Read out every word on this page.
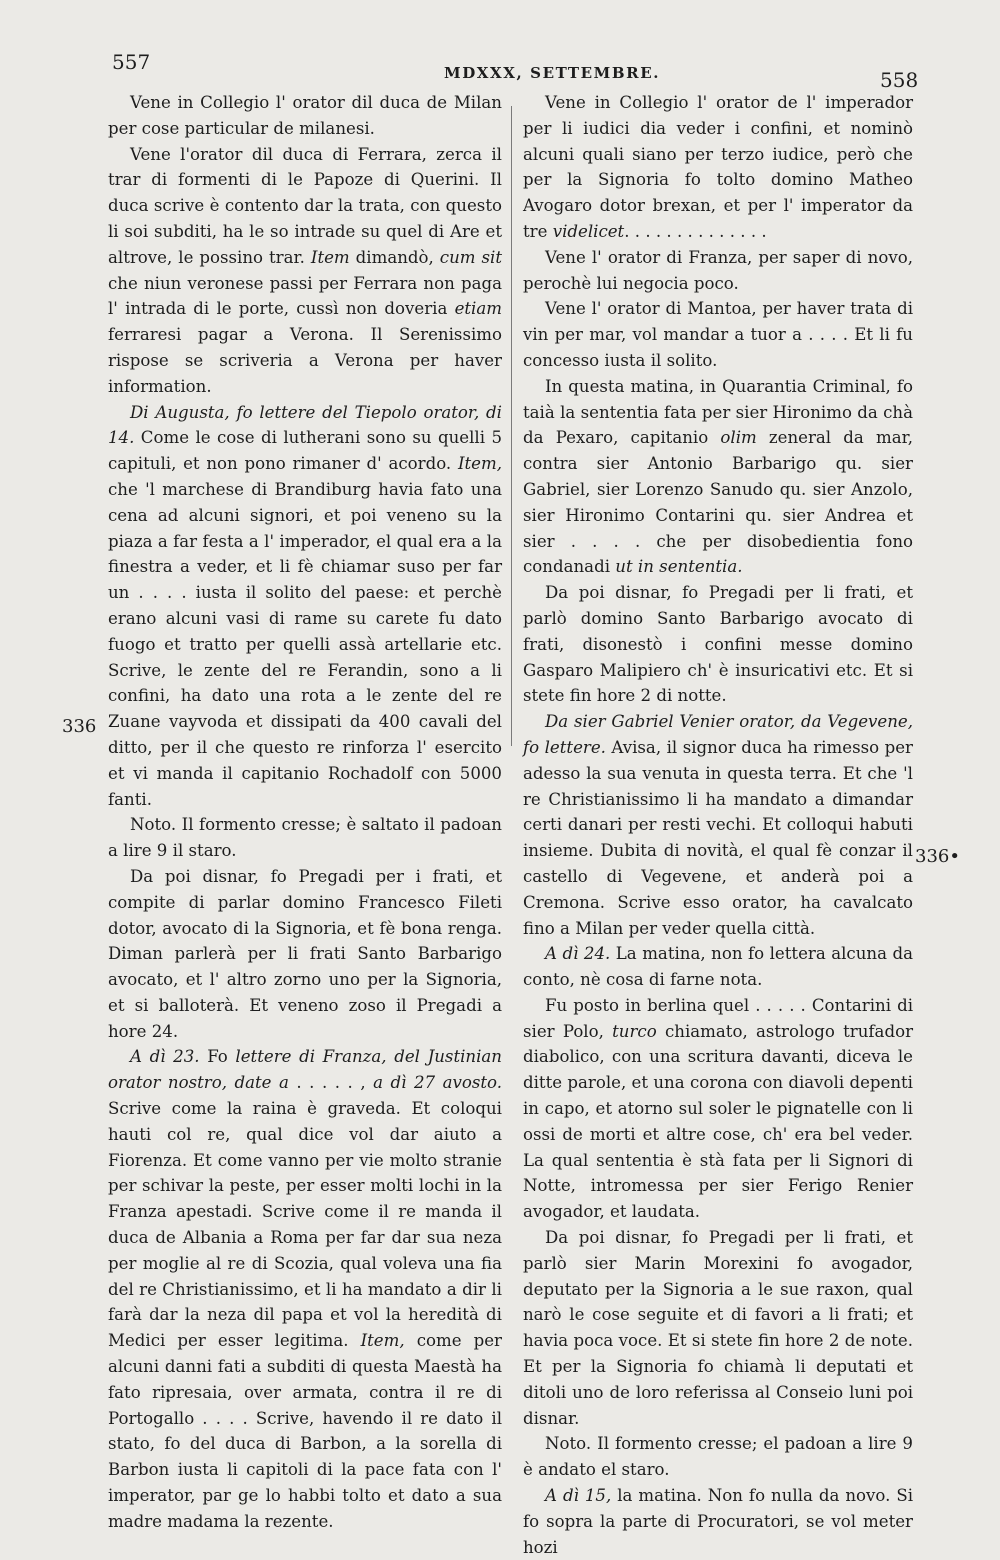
557	MDXXX, SETTEMBRE.	558
336
336•

Vene in Collegio l' orator dil duca de Milan per cose particular de milanesi.

Vene l'orator dil duca di Ferrara, zerca il trar di formenti di le Papoze di Querini. Il duca scrive è contento dar la trata, con questo li soi subditi, ha le so intrade su quel di Are et altrove, le possino trar. Item dimandò, cum sit che niun veronese passi per Ferrara non paga l' intrada di le porte, cussì non doveria etiam ferraresi pagar a Verona. Il Serenissimo rispose se scriveria a Verona per haver information.

Di Augusta, fo lettere del Tiepolo orator, di 14. Come le cose di lutherani sono su quelli 5 capituli, et non pono rimaner d' acordo. Item, che 'l marchese di Brandiburg havia fato una cena ad alcuni signori, et poi veneno su la piaza a far festa a l' imperador, el qual era a la finestra a veder, et li fè chiamar suso per far un . . . . iusta il solito del paese: et perchè erano alcuni vasi di rame su carete fu dato fuogo et tratto per quelli assà artellarie etc. Scrive, le zente del re Ferandin, sono a li confini, ha dato una rota a le zente del re Zuane vayvoda et dissipati da 400 cavali del ditto, per il che questo re rinforza l' esercito et vi manda il capitanio Rochadolf con 5000 fanti.

Noto. Il formento cresse; è saltato il padoan a lire 9 il staro.

Da poi disnar, fo Pregadi per i frati, et compite di parlar domino Francesco Fileti dotor, avocato di la Signoria, et fè bona renga. Diman parlerà per li frati Santo Barbarigo avocato, et l' altro zorno uno per la Signoria, et si balloterà. Et veneno zoso il Pregadi a hore 24.

A dì 23. Fo lettere di Franza, del Justinian orator nostro, date a . . . . . , a dì 27 avosto. Scrive come la raina è graveda. Et coloqui hauti col re, qual dice vol dar aiuto a Fiorenza. Et come vanno per vie molto stranie per schivar la peste, per esser molti lochi in la Franza apestadi. Scrive come il re manda il duca de Albania a Roma per far dar sua neza per moglie al re di Scozia, qual voleva una fia del re Christianissimo, et li ha mandato a dir li farà dar la neza dil papa et vol la heredità di Medici per esser legitima. Item, come per alcuni danni fati a subditi di questa Maestà ha fato ripresaia, over armata, contra il re di Portogallo . . . . Scrive, havendo il re dato il stato, fo del duca di Barbon, a la sorella di Barbon iusta li capitoli di la pace fata con l' imperator, par ge lo habbi tolto et dato a sua madre madama la rezente.

Vene in Collegio l' orator de l' imperador per li iudici dia veder i confini, et nominò alcuni quali siano per terzo iudice, però che per la Signoria fo tolto domino Matheo Avogaro dotor brexan, et per l' imperator da tre videlicet. . . . . . . . . . . . . .

Vene l' orator di Franza, per saper di novo, perochè lui negocia poco.

Vene l' orator di Mantoa, per haver trata di vin per mar, vol mandar a tuor a . . . . Et li fu concesso iusta il solito.

In questa matina, in Quarantia Criminal, fo taià la sententia fata per sier Hironimo da chà da Pexaro, capitanio olim zeneral da mar, contra sier Antonio Barbarigo qu. sier Gabriel, sier Lorenzo Sanudo qu. sier Anzolo, sier Hironimo Contarini qu. sier Andrea et sier . . . . che per disobedientia fono condanadi ut in sententia.

Da poi disnar, fo Pregadi per li frati, et parlò domino Santo Barbarigo avocato di frati, disonestò i confini messe domino Gasparo Malipiero ch' è insuricativi etc. Et si stete fin hore 2 di notte.

Da sier Gabriel Venier orator, da Vegevene, fo lettere. Avisa, il signor duca ha rimesso per adesso la sua venuta in questa terra. Et che 'l re Christianissimo li ha mandato a dimandar certi danari per resti vechi. Et colloqui habuti insieme. Dubita di novità, el qual fè conzar il castello di Vegevene, et anderà poi a Cremona. Scrive esso orator, ha cavalcato fino a Milan per veder quella città.

A dì 24. La matina, non fo lettera alcuna da conto, nè cosa di farne nota.

Fu posto in berlina quel . . . . . Contarini di sier Polo, turco chiamato, astrologo trufador diabolico, con una scritura davanti, diceva le ditte parole, et una corona con diavoli depenti in capo, et atorno sul soler le pignatelle con li ossi de morti et altre cose, ch' era bel veder. La qual sententia è stà fata per li Signori di Notte, intromessa per sier Ferigo Renier avogador, et laudata.

Da poi disnar, fo Pregadi per li frati, et parlò sier Marin Morexini fo avogador, deputato per la Signoria a le sue raxon, qual narò le cose seguite et di favori a li frati; et havia poca voce. Et si stete fin hore 2 de note. Et per la Signoria fo chiamà li deputati et ditoli uno de loro referissa al Conseio luni poi disnar.

Noto. Il formento cresse; el padoan a lire 9 è andato el staro.

A dì 15, la matina. Non fo nulla da novo. Si fo sopra la parte di Procuratori, se vol meter hozi
